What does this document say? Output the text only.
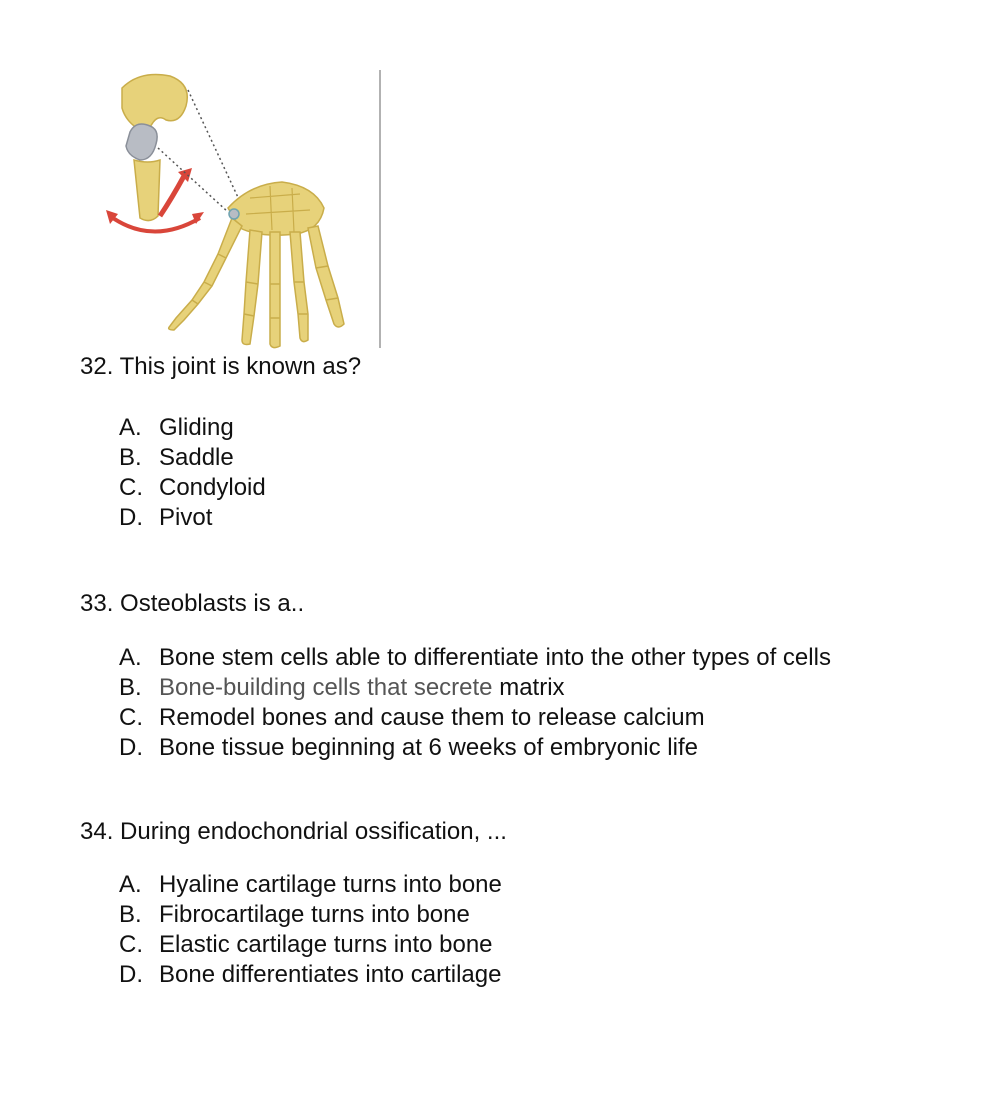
32. This joint is known as?

A. Gliding
B. Saddle
C. Condyloid
D. Pivot

33. Osteoblasts is a..

A. Bone stem cells able to differentiate into the other types of cells
B. Bone-building cells that secrete matrix
C. Remodel bones and cause them to release calcium
D. Bone tissue beginning at 6 weeks of embryonic life

34. During endochondrial ossification, ...

A. Hyaline cartilage turns into bone
B. Fibrocartilage turns into bone
C. Elastic cartilage turns into bone
D. Bone differentiates into cartilage
